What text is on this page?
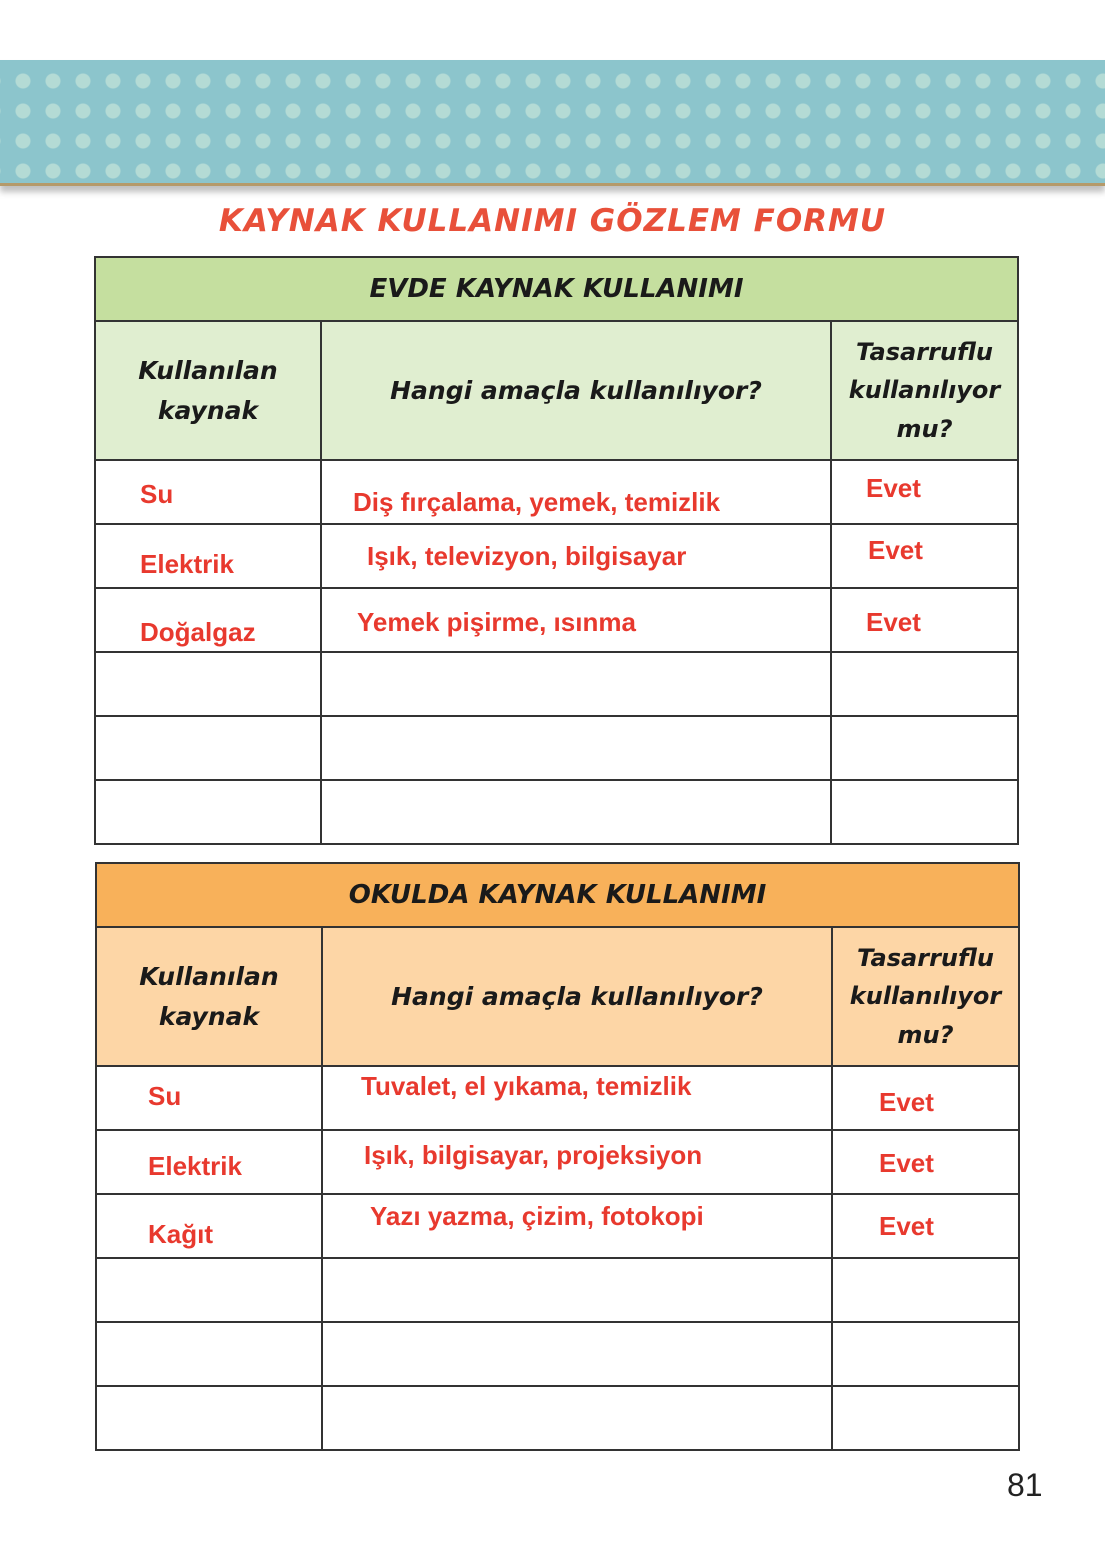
KAYNAK KULLANIMI GÖZLEM FORMU
EVDE KAYNAK KULLANIMI		
Kullanılan kaynak	Hangi amaçla kullanılıyor?	Tasarruflu kullanılıyor mu?

Su	Diş fırçalama, yemek, temizlik	Evet

Elektrik	Işık, televizyon, bilgisayar	Evet

Doğalgaz	Yemek pişirme, ısınma	Evet

OKULDA KAYNAK KULLANIMI		
Kullanılan kaynak	Hangi amaçla kullanılıyor?	Tasarruflu kullanılıyor mu?

Su	Tuvalet, el yıkama, temizlik	Evet

Elektrik	Işık, bilgisayar, projeksiyon	Evet

Kağıt	Yazı yazma, çizim, fotokopi	Evet

81
